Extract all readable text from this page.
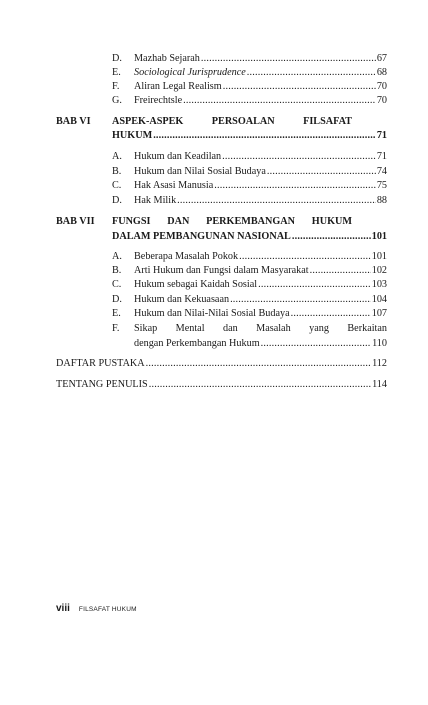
D.	Mazhab Sejarah .....	67
E.	Sociological Jurisprudence .....	68
F.	Aliran Legal Realism .....	70
G.	Freirechtsle .....	70
BAB VI ASPEK-ASPEK	PERSOALAN	FILSAFAT
HUKUM .....	71
A.	Hukum dan Keadilan .....	71
B.	Hukum dan Nilai Sosial Budaya .....	74
C.	Hak Asasi Manusia .....	75
D.	Hak Milik .....	88
BAB VII FUNGSI DAN PERKEMBANGAN HUKUM
DALAM PEMBANGUNAN NASIONAL .....	101
A.	Beberapa Masalah Pokok .....	101
B.	Arti Hukum dan Fungsi dalam Masyarakat .....	102
C.	Hukum sebagai Kaidah Sosial .....	103
D.	Hukum dan Kekuasaan .....	104
E.	Hukum dan Nilai-Nilai Sosial Budaya .....	107
F.	Sikap Mental dan Masalah yang Berkaitan
dengan Perkembangan Hukum .....	110
DAFTAR PUSTAKA .....	112
TENTANG PENULIS .....	114
viii FILSAFAT HUKUM
